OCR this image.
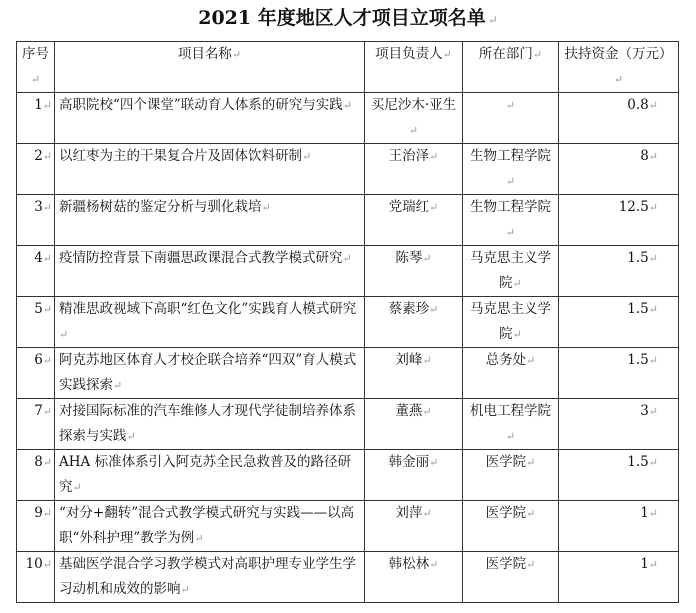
2021 年度地区人才项目立项名单 ↵
序号↵	项目名称↵	项目负责人↵	所在部门↵	扶持资金（万元）↵
1↵	高职院校“四个课堂”联动育人体系的研究与实践↵	买尼沙木·亚生↵	↵	0.8↵
2↵	以红枣为主的干果复合片及固体饮料研制↵	王治泽↵	生物工程学院↵	8↵
3↵	新疆杨树菇的鉴定分析与驯化栽培↵	党瑞红↵	生物工程学院↵	12.5↵
4↵	疫情防控背景下南疆思政课混合式教学模式研究↵	陈琴↵	马克思主义学院↵	1.5↵
5↵	精准思政视域下高职“红色文化”实践育人模式研究↵	蔡素珍↵	马克思主义学院↵	1.5↵
6↵	阿克苏地区体育人才校企联合培养“四双”育人模式实践探索↵	刘峰↵	总务处↵	1.5↵
7↵	对接国际标准的汽车维修人才现代学徒制培养体系探索与实践↵	董燕↵	机电工程学院↵	3↵
8↵	AHA 标准体系引入阿克苏全民急救普及的路径研究↵	韩金丽↵	医学院↵	1.5↵
9↵	“对分+翻转”混合式教学模式研究与实践——以高职“外科护理”教学为例↵	刘萍↵	医学院↵	1↵
10↵	基础医学混合学习教学模式对高职护理专业学生学习动机和成效的影响↵	韩松林↵	医学院↵	1↵
